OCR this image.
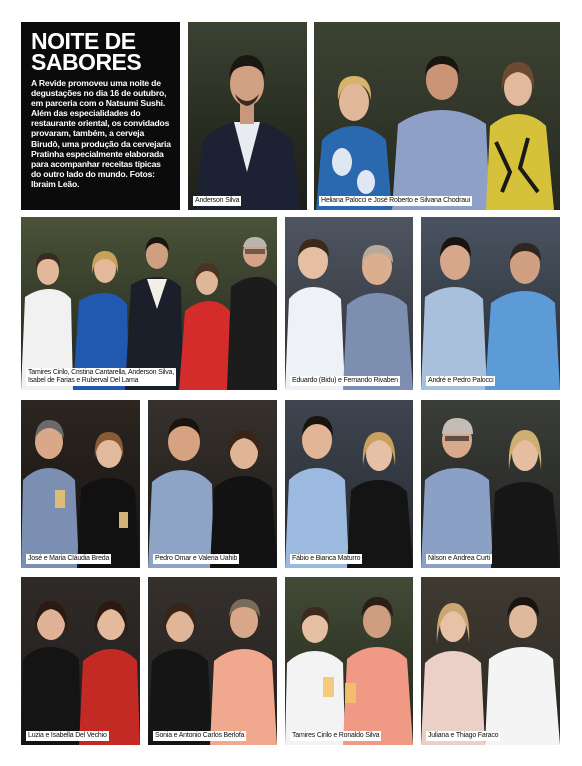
NOITE DE
SABORES

A Revide promoveu uma noite de degustações no dia 16 de outubro, em parceria com o Natsumi Sushi. Além das especialidades do restaurante oriental, os convidados provaram, também, a cerveja Birudô, uma produção da cervejaria Pratinha especialmente elaborada para acompanhar receitas típicas do outro lado do mundo. Fotos: Ibraim Leão.

Anderson Silva	Heliana Palocci e José Roberto e Silvana Chodraui
Tamires Cirilo, Cristina Cantarella, Anderson Silva,
Isabel de Farias e Ruberval Del Lama	Eduardo (Bidu) e Fernando Rivaben	André e Pedro Palocci
José e Maria Cláudia Breda	Pedro Omar e Valeria Uahib	Fábio e Bianca Maturro	Nilson e Andrea Curti
Luzia e Isabella Del Vechio	Sonia e Antonio Carlos Berlofa	Tamires Cirilo e Ronaldo Silva	Juliana e Thiago Faraco
